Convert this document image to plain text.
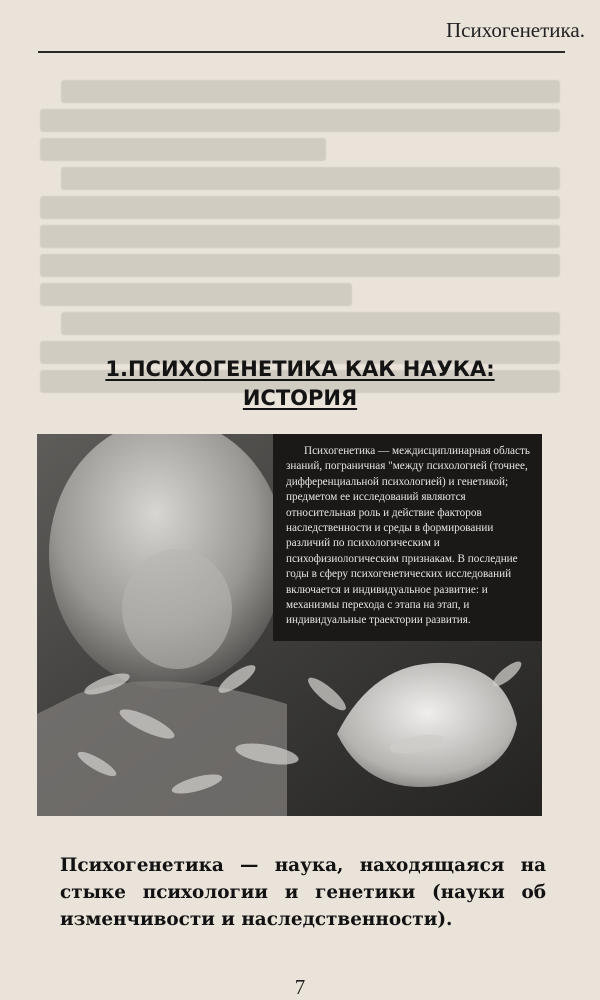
Психогенетика.
1.ПСИХОГЕНЕТИКА КАК НАУКА:
ИСТОРИЯ

Психогенетика — междисциплинарная область знаний, пограничная "между психологией (точнее, дифференциальной психологией) и генетикой; предметом ее исследований являются относительная роль и действие факторов наследственности и среды в формировании различий по психологическим и психофизиологическим признакам. В последние годы в сферу психогенетических исследований включается и индивидуальное развитие: и механизмы перехода с этапа на этап, и индивидуальные траектории развития.

Психогенетика — наука, находящаяся на стыке психологии и генетики (науки об изменчивости и наследственности).
7
